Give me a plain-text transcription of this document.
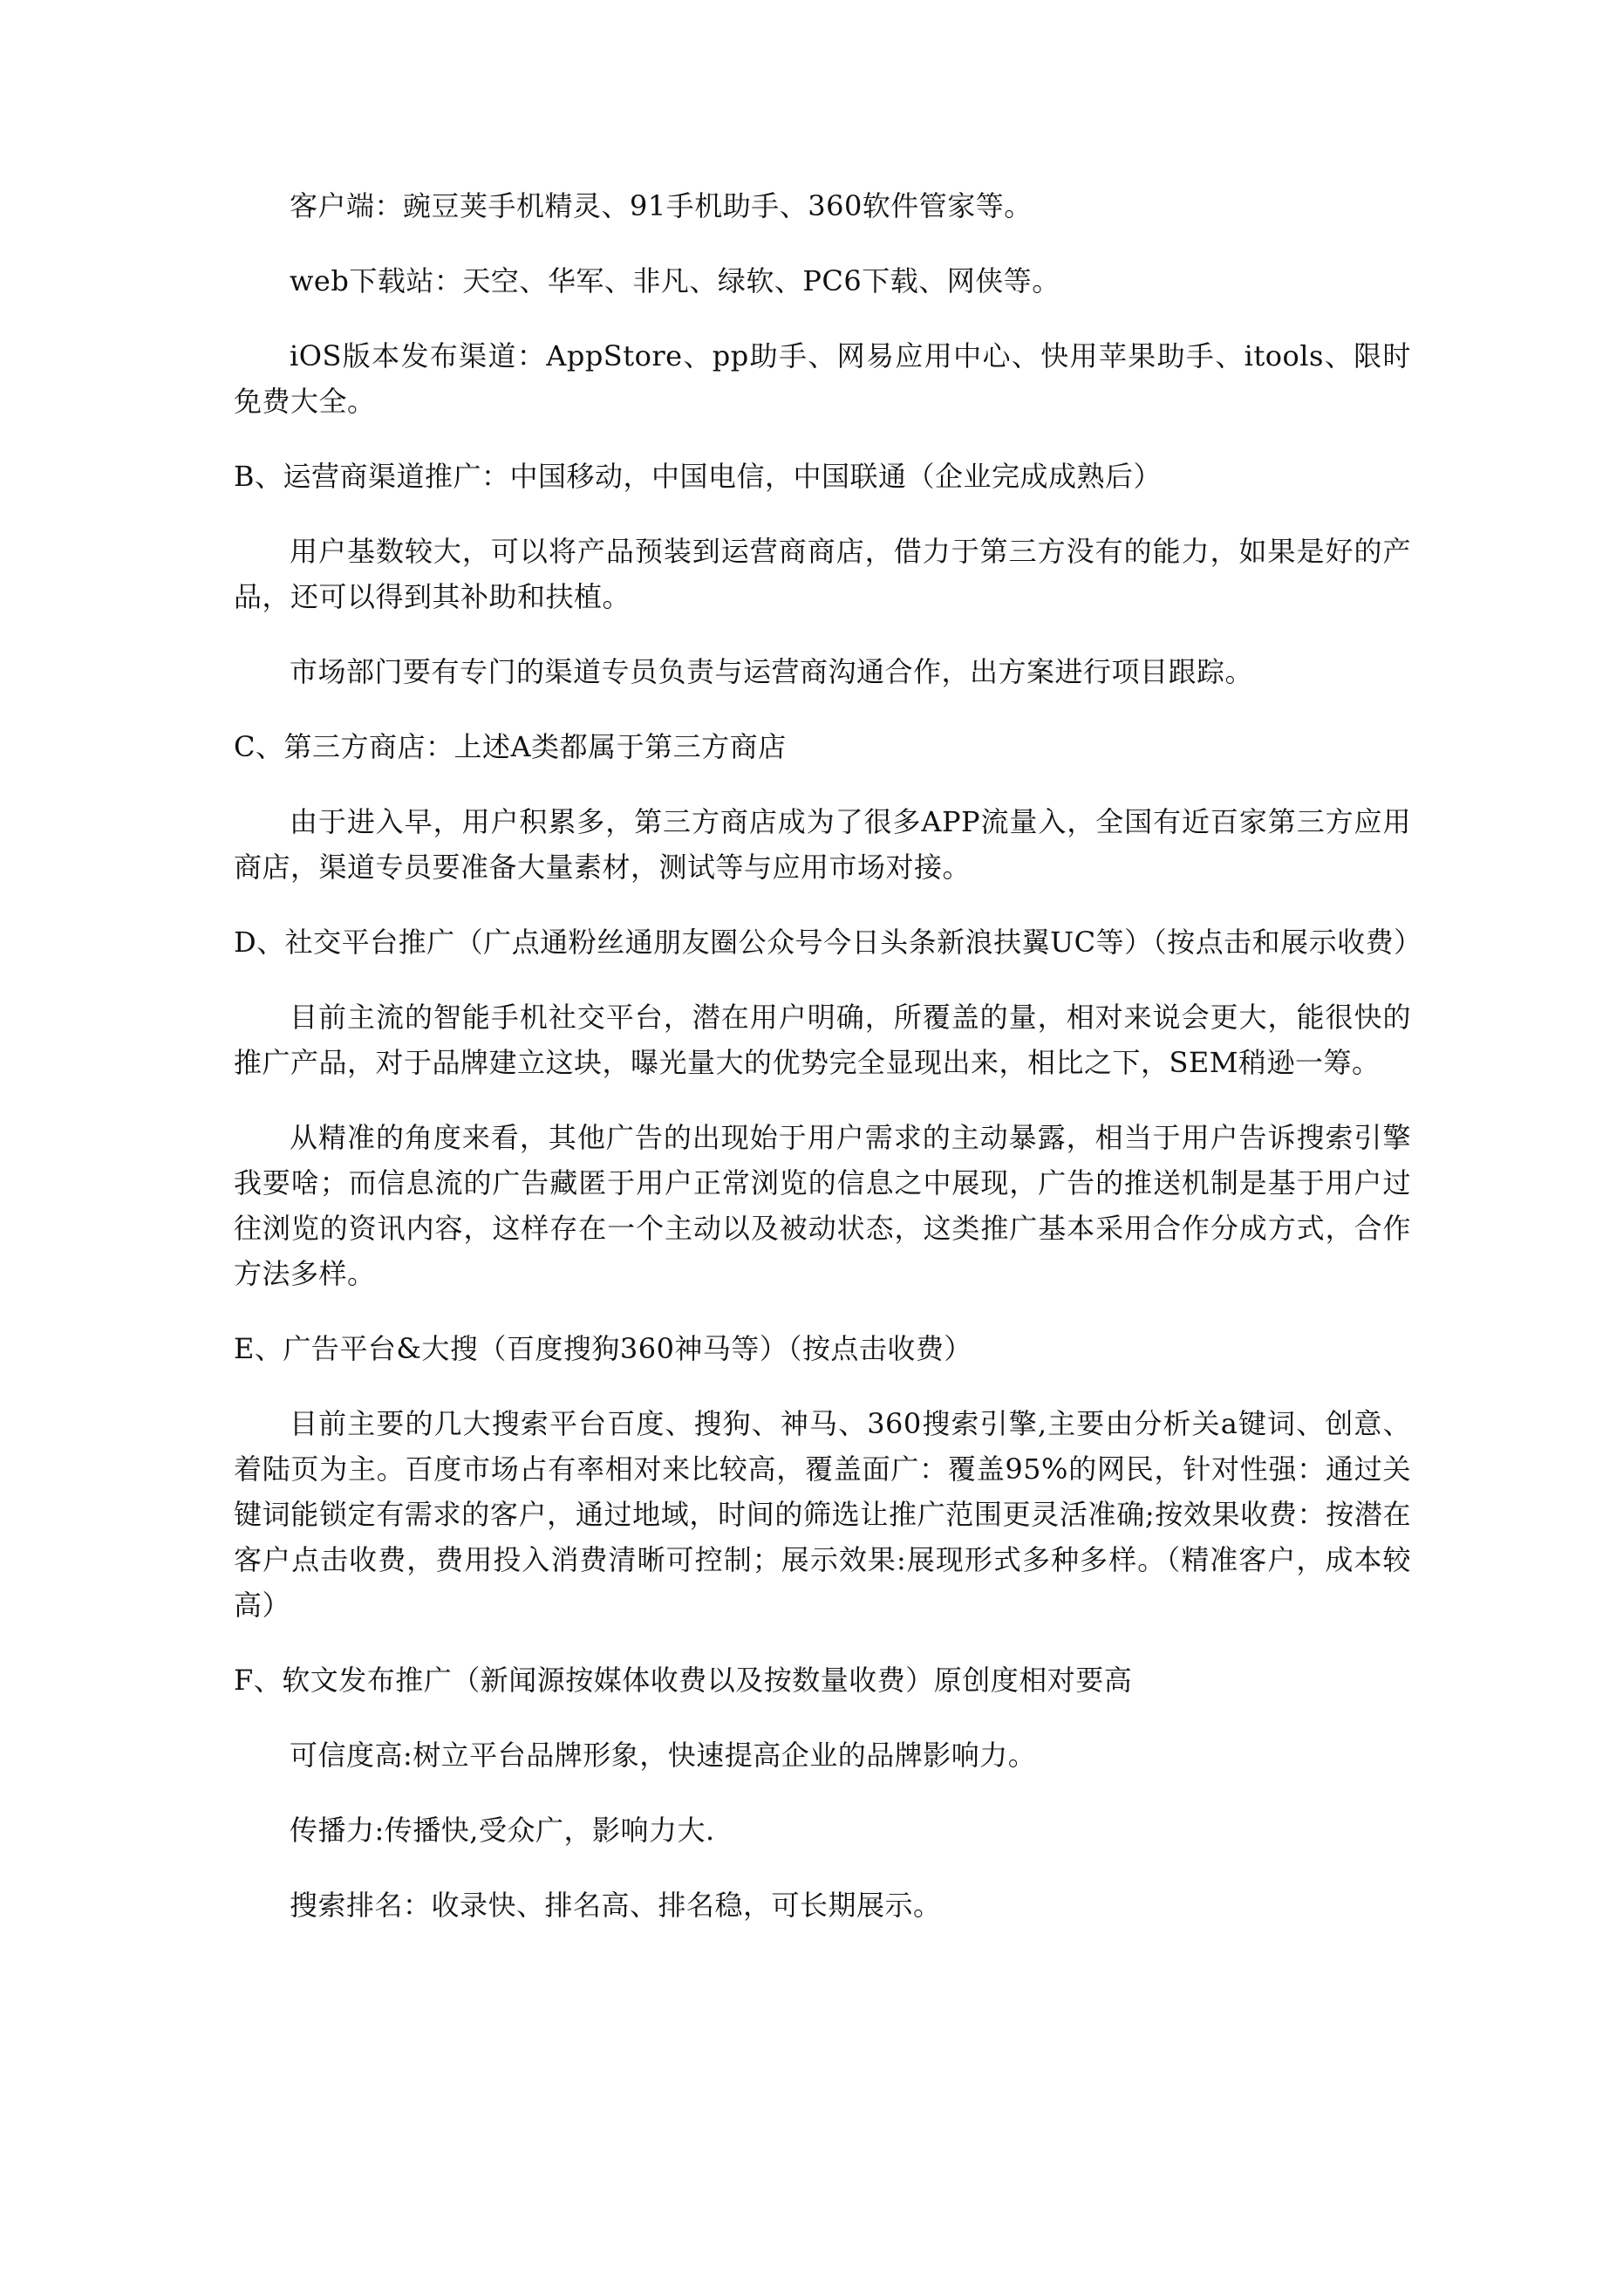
客户端：豌豆荚手机精灵、91手机助手、360软件管家等。

web下载站：天空、华军、非凡、绿软、PC6下载、网侠等。

iOS版本发布渠道：AppStore、pp助手、网易应用中心、快用苹果助手、itools、限时免费大全。

B、运营商渠道推广：中国移动，中国电信，中国联通（企业完成成熟后）

用户基数较大，可以将产品预装到运营商商店，借力于第三方没有的能力，如果是好的产品，还可以得到其补助和扶植。

市场部门要有专门的渠道专员负责与运营商沟通合作，出方案进行项目跟踪。

C、第三方商店：上述A类都属于第三方商店

由于进入早，用户积累多，第三方商店成为了很多APP流量入，全国有近百家第三方应用商店，渠道专员要准备大量素材，测试等与应用市场对接。

D、社交平台推广（广点通粉丝通朋友圈公众号今日头条新浪扶翼UC等）（按点击和展示收费）

目前主流的智能手机社交平台，潜在用户明确，所覆盖的量，相对来说会更大，能很快的推广产品，对于品牌建立这块，曝光量大的优势完全显现出来，相比之下，SEM稍逊一筹。

从精准的角度来看，其他广告的出现始于用户需求的主动暴露，相当于用户告诉搜索引擎我要啥；而信息流的广告藏匿于用户正常浏览的信息之中展现，广告的推送机制是基于用户过往浏览的资讯内容，这样存在一个主动以及被动状态，这类推广基本采用合作分成方式，合作方法多样。

E、广告平台&大搜（百度搜狗360神马等）（按点击收费）

目前主要的几大搜索平台百度、搜狗、神马、360搜索引擎,主要由分析关a键词、创意、着陆页为主。百度市场占有率相对来比较高，覆盖面广：覆盖95%的网民，针对性强：通过关键词能锁定有需求的客户，通过地域，时间的筛选让推广范围更灵活准确;按效果收费：按潜在客户点击收费，费用投入消费清晰可控制；展示效果:展现形式多种多样。（精准客户，成本较高）

F、软文发布推广（新闻源按媒体收费以及按数量收费）原创度相对要高

可信度高:树立平台品牌形象，快速提高企业的品牌影响力。

传播力:传播快,受众广，影响力大.

搜索排名：收录快、排名高、排名稳，可长期展示。
